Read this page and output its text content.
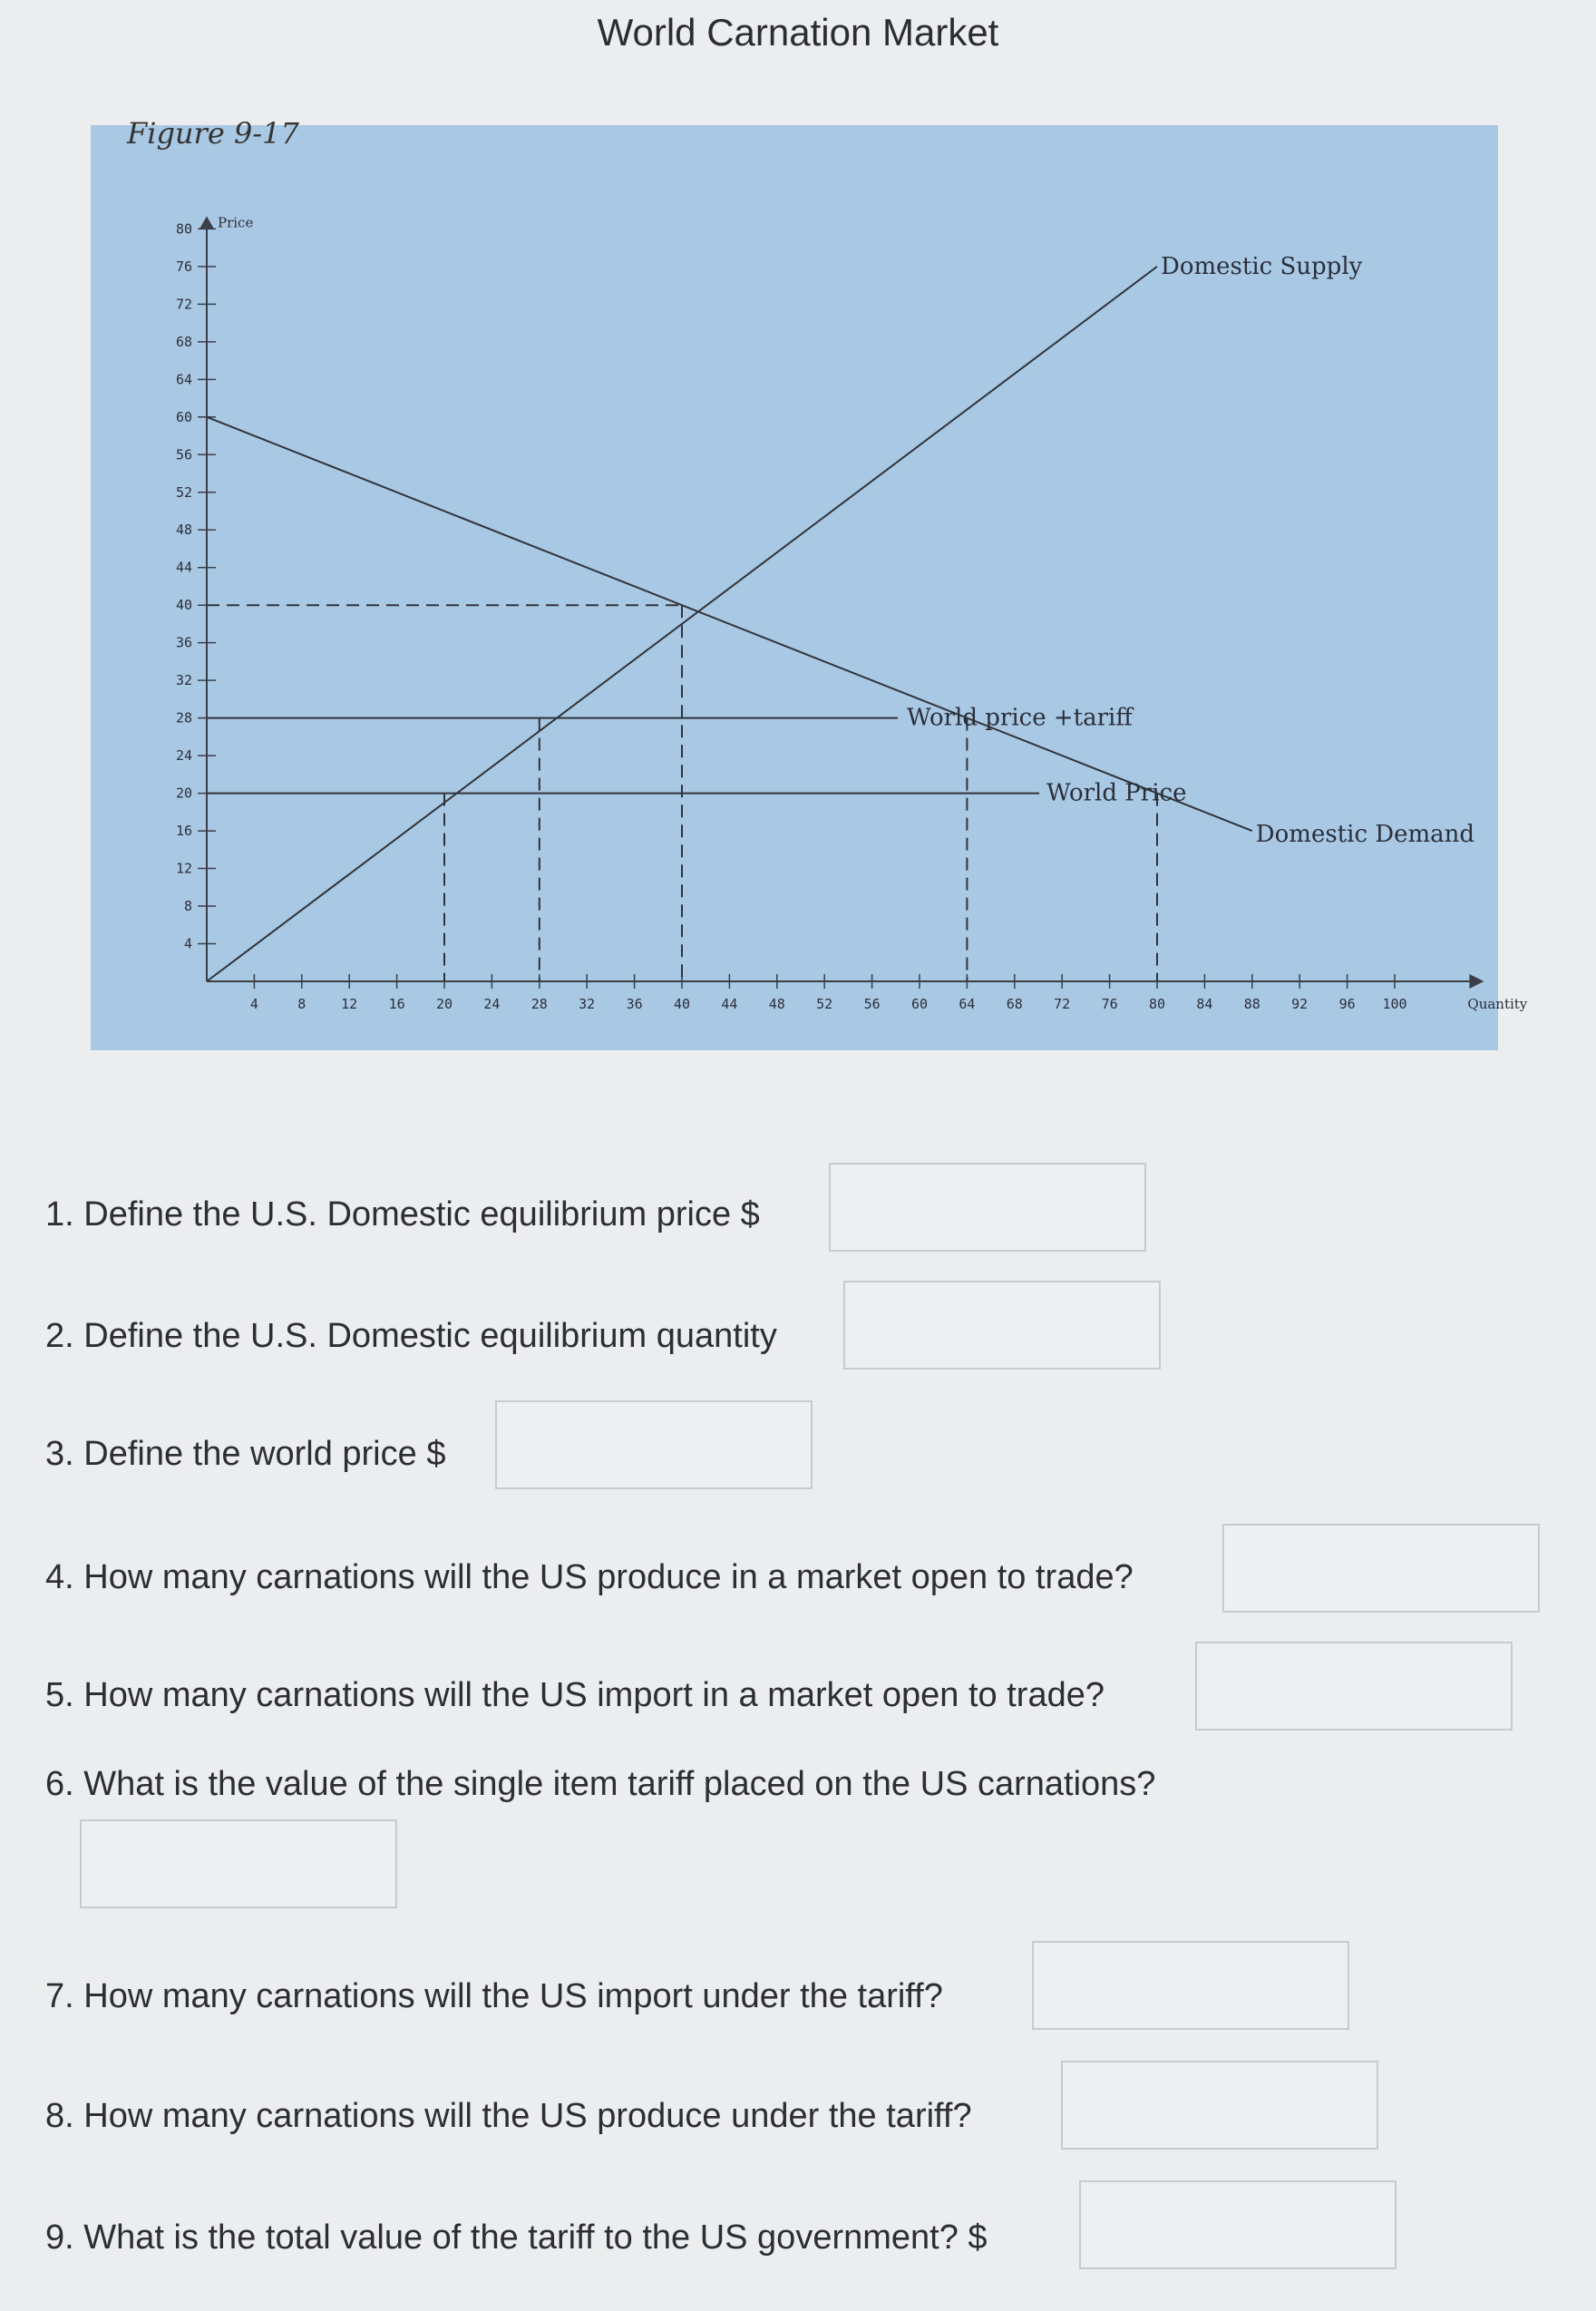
World Carnation Market
4
8
12
16
20
24
28
32
36
40
44
48
52
56
60
64
68
72
76
80
4	8	12 16 20 24 28 32 36 40 44 48 52 56 60 64 68 72 76 80 84 88 92 96 100
Price
Quantity
Domestic Supply
Domestic Demand
World price +tariff
World Price
Figure 9-17
1. Define the U.S. Domestic equilibrium price $
2. Define the U.S. Domestic equilibrium quantity
3. Define the world price $
4. How many carnations will the US produce in a market open to trade?
5. How many carnations will the US import in a market open to trade?
6. What is the value of the single item tariff placed on the US carnations?
7. How many carnations will the US import under the tariff?
8. How many carnations will the US produce under the tariff?
9. What is the total value of the tariff to the US government? $
